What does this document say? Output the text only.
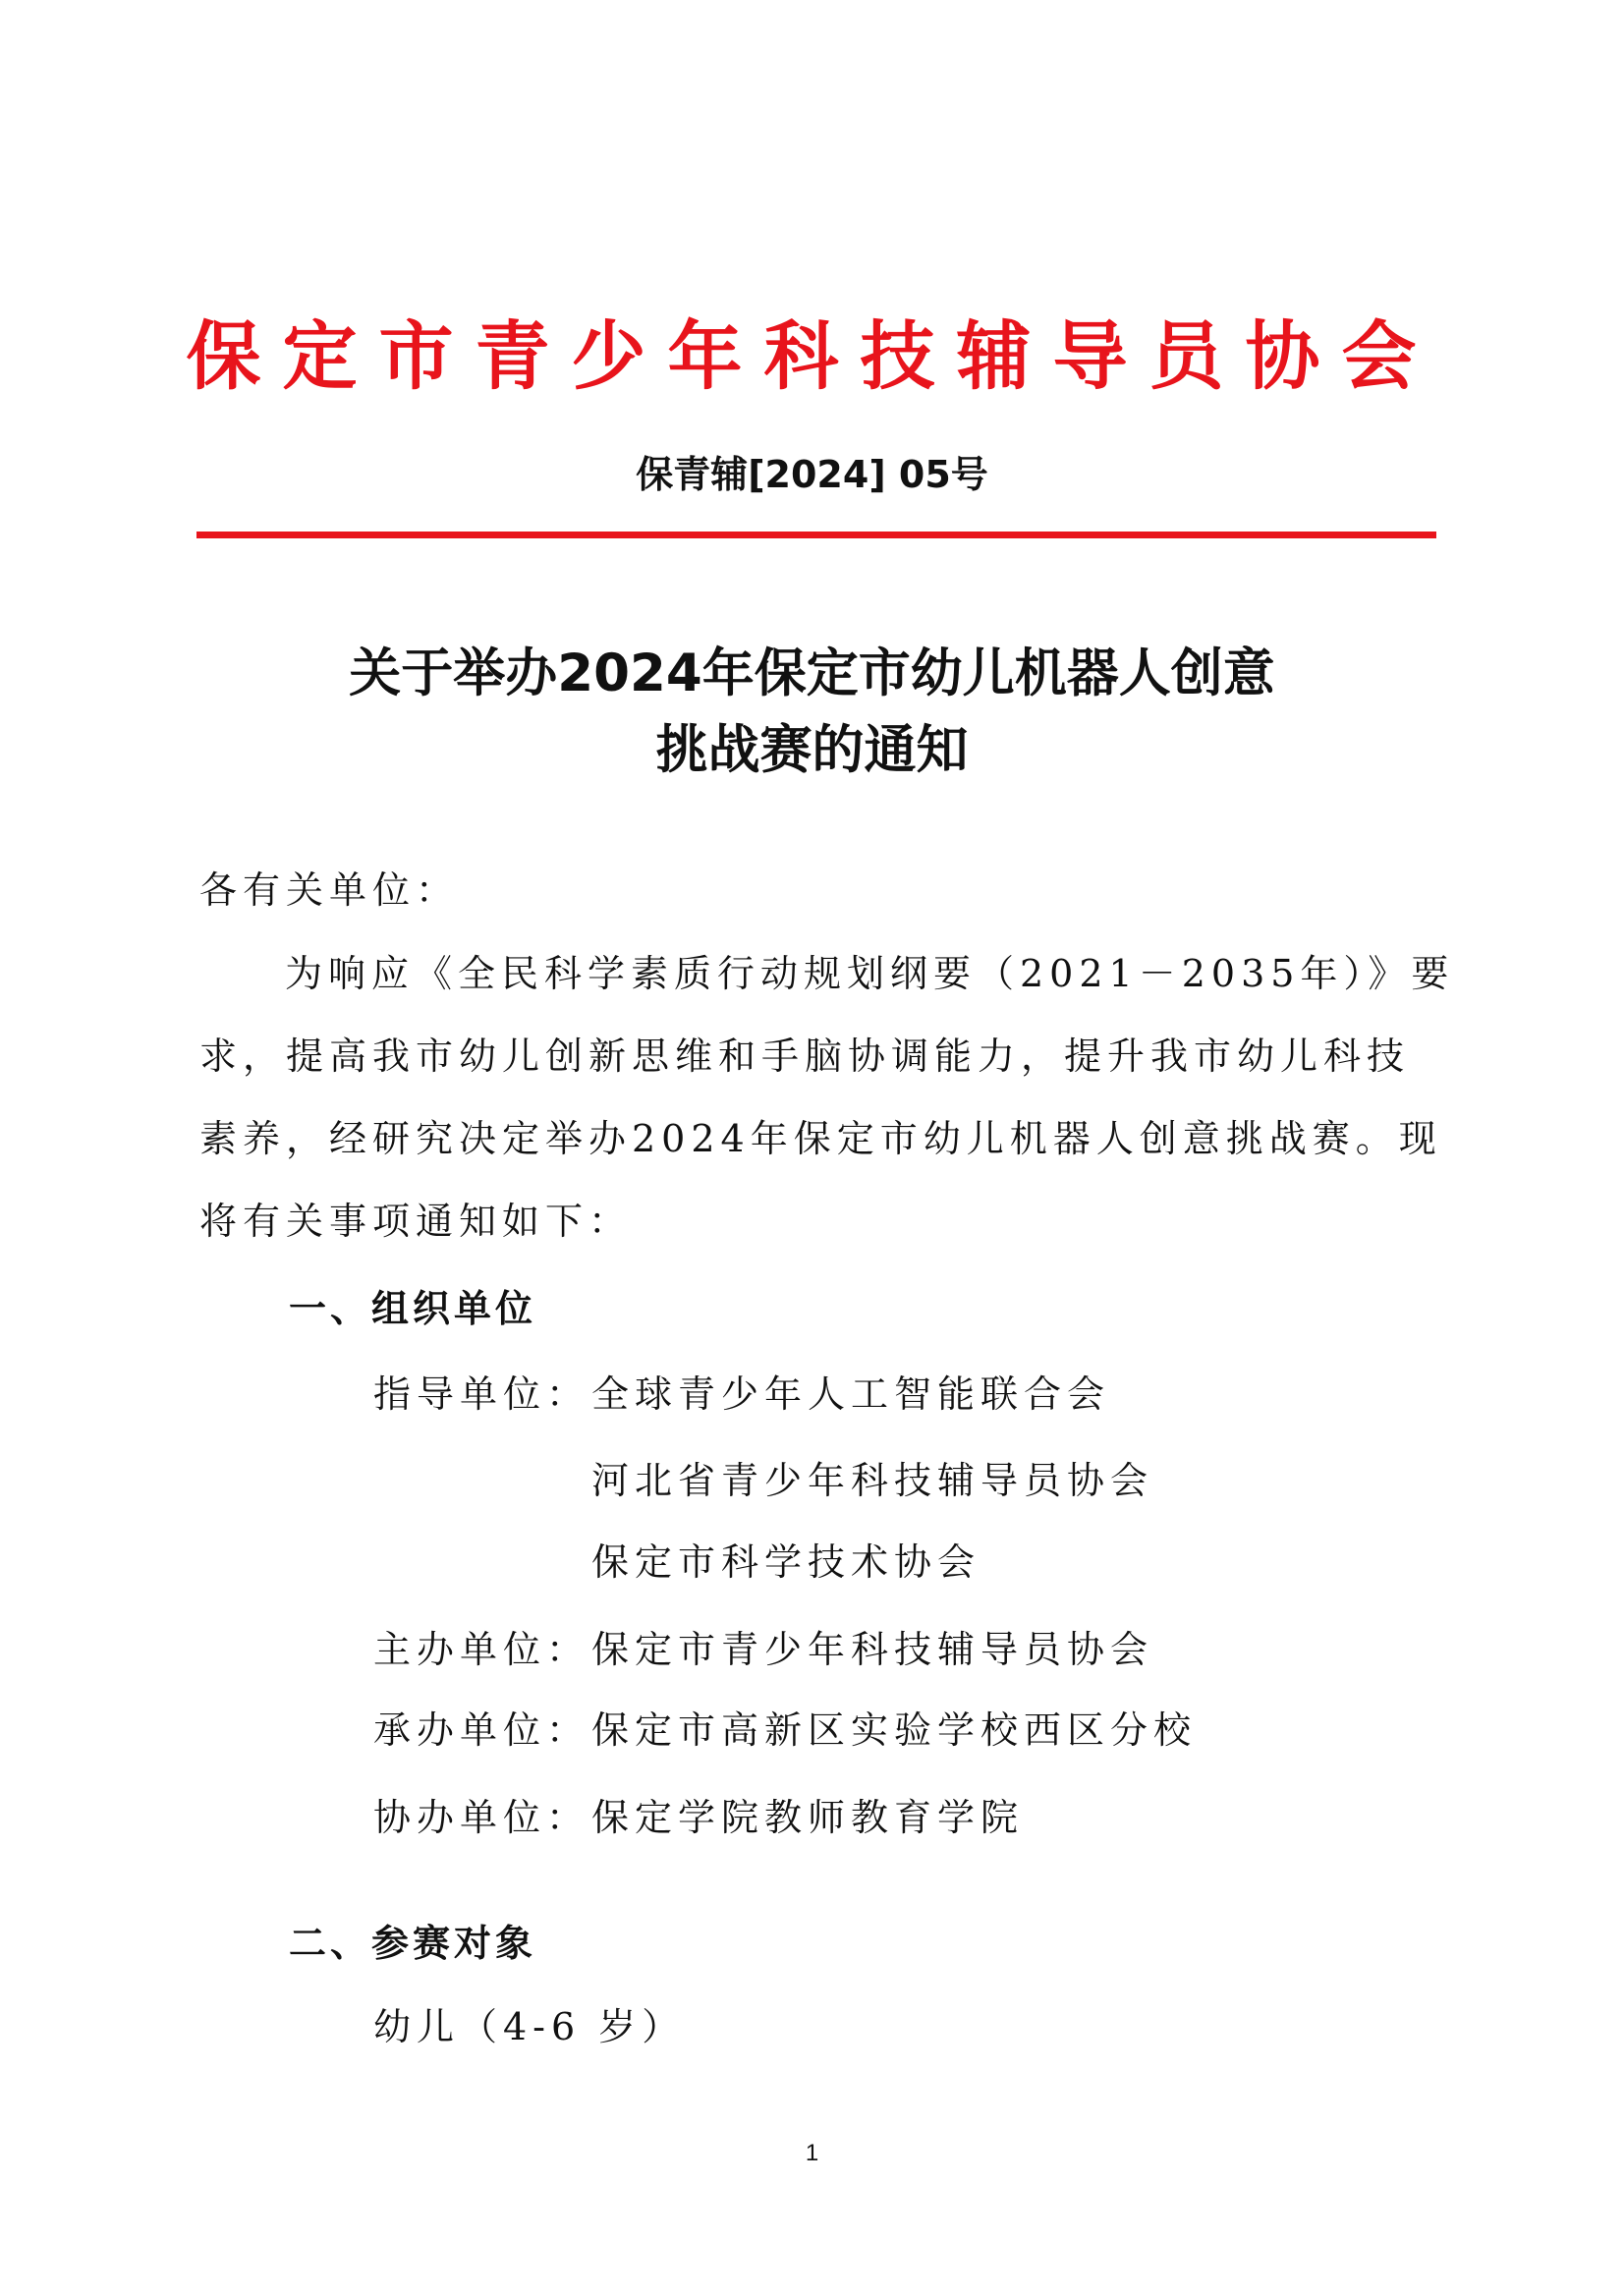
保定市青少年科技辅导员协会
保青辅[2024] 05号
关于举办2024年保定市幼儿机器人创意
挑战赛的通知
各有关单位：
为响应《全民科学素质行动规划纲要（2021－2035年）》要
求，提高我市幼儿创新思维和手脑协调能力，提升我市幼儿科技
素养，经研究决定举办2024年保定市幼儿机器人创意挑战赛。现
将有关事项通知如下：
一、组织单位
指导单位： 全球青少年人工智能联合会
河北省青少年科技辅导员协会
保定市科学技术协会
主办单位： 保定市青少年科技辅导员协会
承办单位： 保定市高新区实验学校西区分校
协办单位： 保定学院教师教育学院
二、参赛对象
幼儿（4-6 岁）
1
